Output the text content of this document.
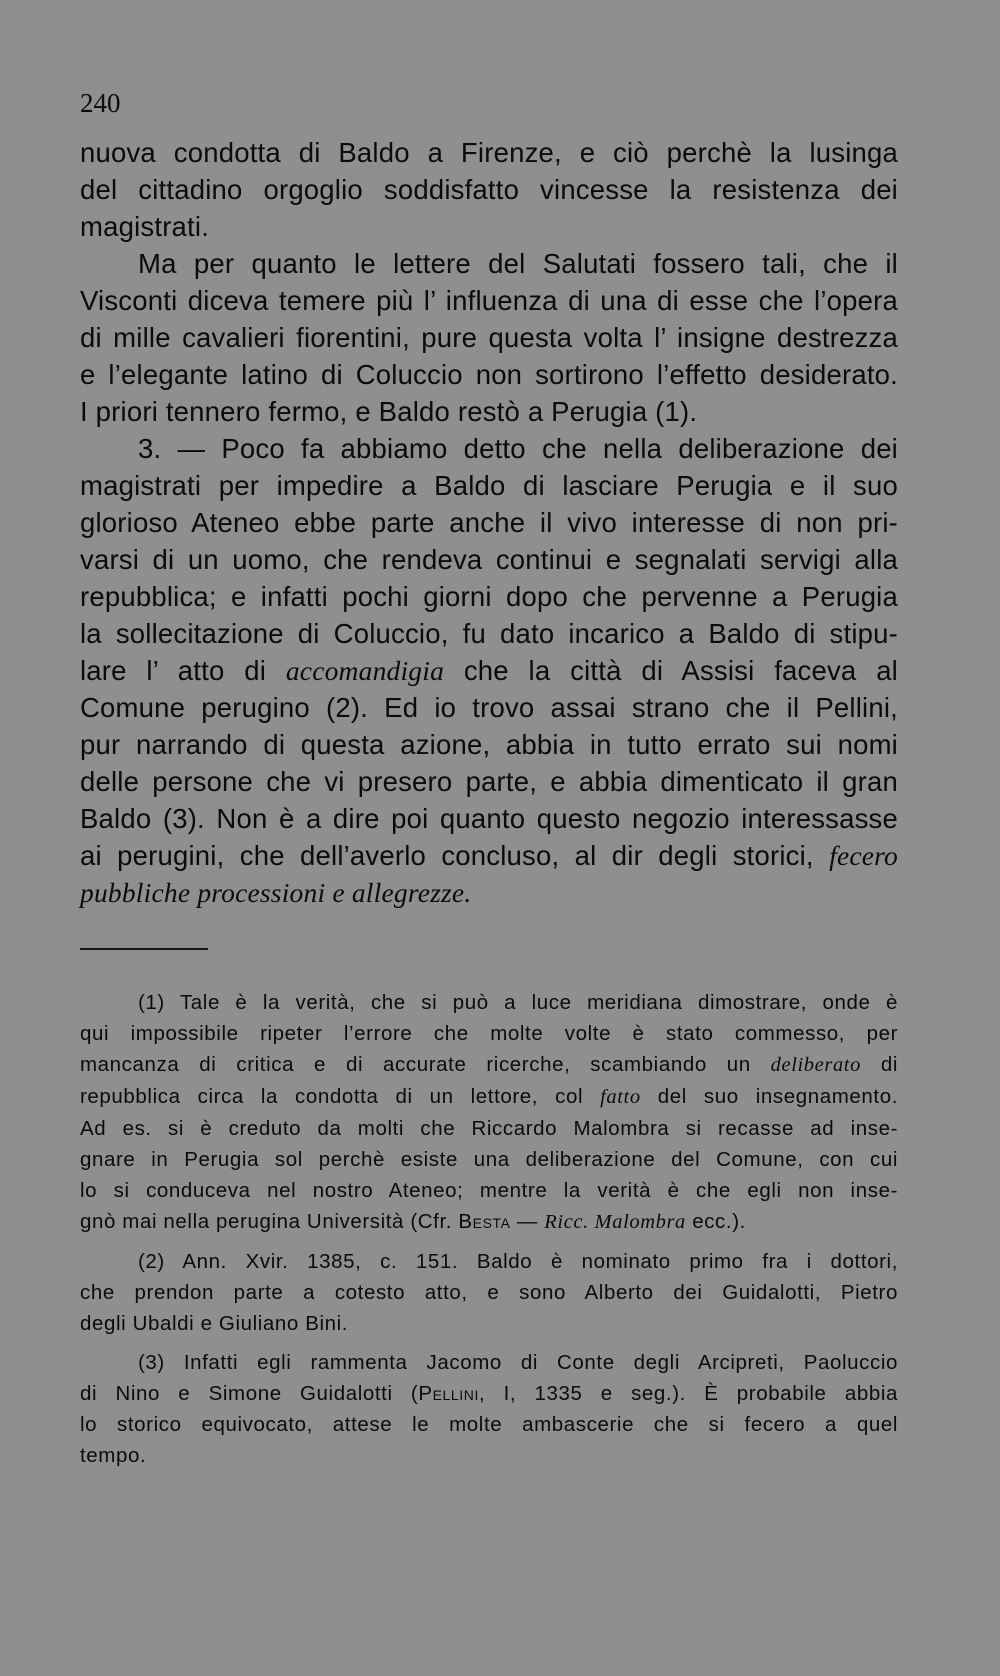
240
nuova condotta di Baldo a Firenze, e ciò perchè la lusinga
del cittadino orgoglio soddisfatto vincesse la resistenza dei
magistrati.
Ma per quanto le lettere del Salutati fossero tali, che il
Visconti diceva temere più l’ influenza di una di esse che l’opera
di mille cavalieri fiorentini, pure questa volta l’ insigne destrezza
e l’elegante latino di Coluccio non sortirono l’effetto desiderato.
I priori tennero fermo, e Baldo restò a Perugia (1).
3. — Poco fa abbiamo detto che nella deliberazione dei
magistrati per impedire a Baldo di lasciare Perugia e il suo
glorioso Ateneo ebbe parte anche il vivo interesse di non pri-
varsi di un uomo, che rendeva continui e segnalati servigi alla
repubblica; e infatti pochi giorni dopo che pervenne a Perugia
la sollecitazione di Coluccio, fu dato incarico a Baldo di stipu-
lare l’ atto di accomandigia che la città di Assisi faceva al
Comune perugino (2). Ed io trovo assai strano che il Pellini,
pur narrando di questa azione, abbia in tutto errato sui nomi
delle persone che vi presero parte, e abbia dimenticato il gran
Baldo (3). Non è a dire poi quanto questo negozio interessasse
ai perugini, che dell’averlo concluso, al dir degli storici, fecero
pubbliche processioni e allegrezze.
(1) Tale è la verità, che si può a luce meridiana dimostrare, onde è
qui impossibile ripeter l’errore che molte volte è stato commesso, per
mancanza di critica e di accurate ricerche, scambiando un deliberato di
repubblica circa la condotta di un lettore, col fatto del suo insegnamento.
Ad es. si è creduto da molti che Riccardo Malombra si recasse ad inse-
gnare in Perugia sol perchè esiste una deliberazione del Comune, con cui
lo si conduceva nel nostro Ateneo; mentre la verità è che egli non inse-
gnò mai nella perugina Università (Cfr. Besta — Ricc. Malombra ecc.).
(2) Ann. Xvir. 1385, c. 151. Baldo è nominato primo fra i dottori,
che prendon parte a cotesto atto, e sono Alberto dei Guidalotti, Pietro
degli Ubaldi e Giuliano Bini.
(3) Infatti egli rammenta Jacomo di Conte degli Arcipreti, Paoluccio
di Nino e Simone Guidalotti (Pellini, I, 1335 e seg.). È probabile abbia
lo storico equivocato, attese le molte ambascerie che si fecero a quel
tempo.
